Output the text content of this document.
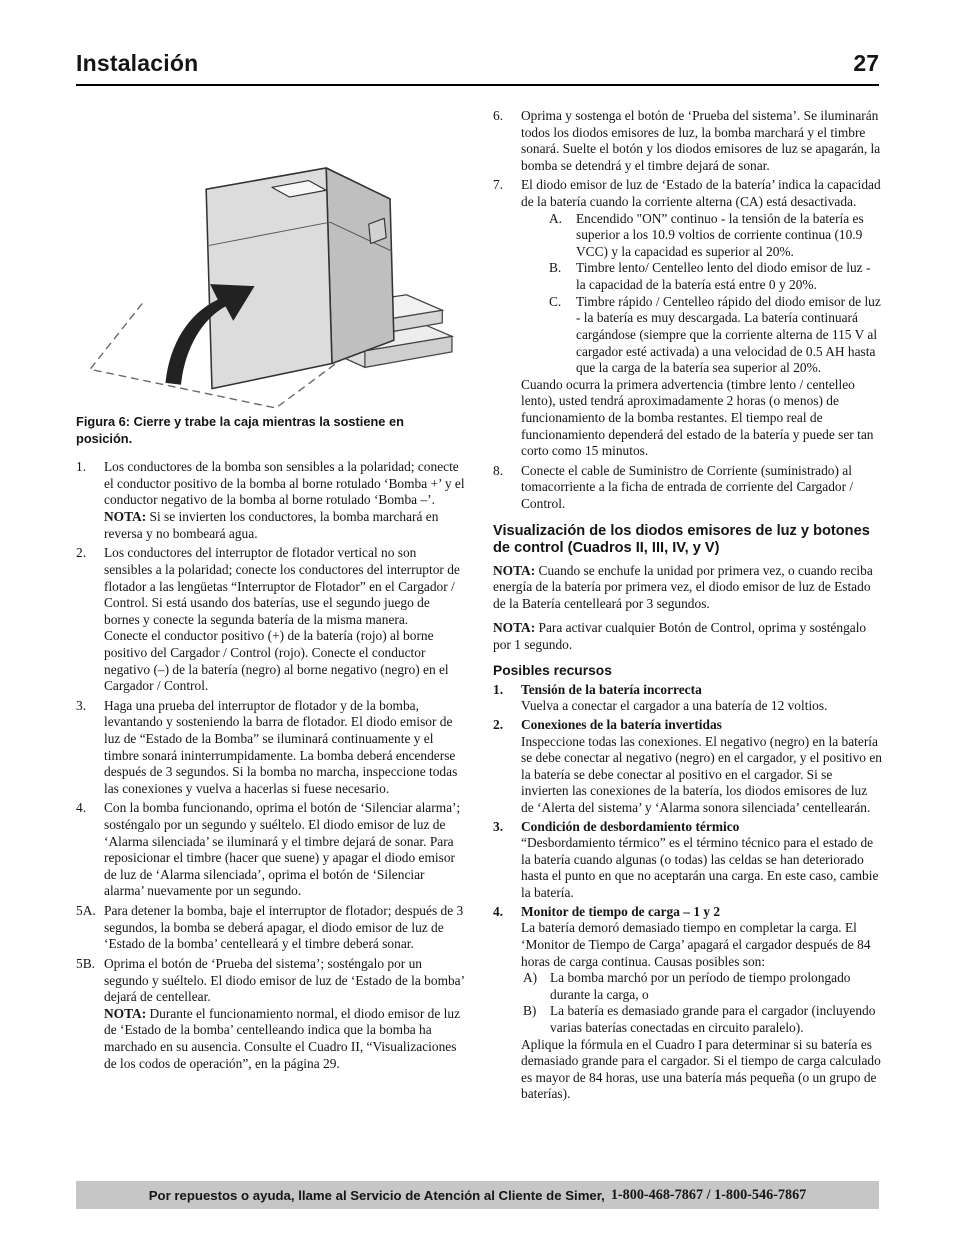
Instalación	27
Figura 6: Cierre y trabe la caja mientras la sostiene en posición.
1.	Los conductores de la bomba son sensibles a la polaridad; conecte el conductor positivo de la bomba al borne rotulado ‘Bomba +’ y el conductor negativo de la bomba al borne rotulado ‘Bomba –’.
NOTA: Si se invierten los conductores, la bomba marchará en reversa y no bombeará agua.
2.	Los conductores del interruptor de flotador vertical no son sensibles a la polaridad; conecte los conductores del interruptor de flotador a las lengüetas “Interruptor de Flotador” en el Cargador / Control. Si está usando dos baterías, use el segundo juego de bornes y conecte la segunda batería de la misma manera.
Conecte el conductor positivo (+) de la batería (rojo) al borne positivo del Cargador / Control (rojo). Conecte el conductor negativo (–) de la batería (negro) al borne negativo (negro) en el Cargador / Control.
3.	Haga una prueba del interruptor de flotador y de la bomba, levantando y sosteniendo la barra de flotador. El diodo emisor de luz de “Estado de la Bomba” se iluminará continuamente y el timbre sonará ininterrumpidamente. La bomba deberá encenderse después de 3 segundos. Si la bomba no marcha, inspeccione todas las conexiones y vuelva a hacerlas si fuese necesario.
4.	Con la bomba funcionando, oprima el botón de ‘Silenciar alarma’; sosténgalo por un segundo y suéltelo. El diodo emisor de luz de ‘Alarma silenciada’ se iluminará y el timbre dejará de sonar. Para reposicionar el timbre (hacer que suene) y apagar el diodo emisor de luz de ‘Alarma silenciada’, oprima el botón de ‘Silenciar alarma’ nuevamente por un segundo.
5A. Para detener la bomba, baje el interruptor de flotador; después de 3 segundos, la bomba se deberá apagar, el diodo emisor de luz de ‘Estado de la bomba’ centelleará y el timbre deberá sonar.
5B. Oprima el botón de ‘Prueba del sistema’; sosténgalo por un segundo y suéltelo. El diodo emisor de luz de ‘Estado de la bomba’ dejará de centellear.
NOTA: Durante el funcionamiento normal, el diodo emisor de luz de ‘Estado de la bomba’ centelleando indica que la bomba ha marchado en su ausencia. Consulte el Cuadro II, “Visualizaciones de los codos de operación”, en la página 29.
6.	Oprima y sostenga el botón de ‘Prueba del sistema’. Se iluminarán todos los diodos emisores de luz, la bomba marchará y el timbre sonará. Suelte el botón y los diodos emisores de luz se apagarán, la bomba se detendrá y el timbre dejará de sonar.
7.	El diodo emisor de luz de ‘Estado de la batería’ indica la capacidad de la batería cuando la corriente alterna (CA) está desactivada.
A.	Encendido "ON” continuo - la tensión de la batería es superior a los 10.9 voltios de corriente continua (10.9 VCC) y la capacidad es superior al 20%.
B.	Timbre lento/ Centelleo lento del diodo emisor de luz - la capacidad de la batería está entre 0 y 20%.
C.	Timbre rápido / Centelleo rápido del diodo emisor de luz - la batería es muy descargada. La batería continuará cargándose (siempre que la corriente alterna de 115 V al cargador esté activada) a una velocidad de 0.5 AH hasta que la carga de la batería sea superior al 20%.
Cuando ocurra la primera advertencia (timbre lento / centelleo lento), usted tendrá aproximadamente 2 horas (o menos) de funcionamiento de la bomba restantes. El tiempo real de funcionamiento dependerá del estado de la batería y puede ser tan corto como 15 minutos.
8.	Conecte el cable de Suministro de Corriente (suministrado) al tomacorriente a la ficha de entrada de corriente del Cargador / Control.
Visualización de los diodos emisores de luz y botones de control (Cuadros II, III, IV, y V)
NOTA: Cuando se enchufe la unidad por primera vez, o cuando reciba energía de la batería por primera vez, el diodo emisor de luz de Estado de la Batería centelleará por 3 segundos.
NOTA: Para activar cualquier Botón de Control, oprima y sosténgalo por 1 segundo.
Posibles recursos
1.	Tensión de la batería incorrecta
Vuelva a conectar el cargador a una batería de 12 voltios.
2.	Conexiones de la batería invertidas
Inspeccione todas las conexiones. El negativo (negro) en la batería se debe conectar al negativo (negro) en el cargador, y el positivo en la batería se debe conectar al positivo en el cargador. Si se invierten las conexiones de la batería, los diodos emisores de luz de ‘Alerta del sistema’ y ‘Alarma sonora silenciada’ centellearán.
3.	Condición de desbordamiento térmico
“Desbordamiento térmico” es el término técnico para el estado de la batería cuando algunas (o todas) las celdas se han deteriorado hasta el punto en que no aceptarán una carga. En este caso, cambie la batería.
4.	Monitor de tiempo de carga – 1 y 2
La batería demoró demasiado tiempo en completar la carga. El ‘Monitor de Tiempo de Carga’ apagará el cargador después de 84 horas de carga continua. Causas posibles son:
A) La bomba marchó por un período de tiempo prolongado durante la carga, o
B)	La batería es demasiado grande para el cargador (incluyendo varias baterías conectadas en circuito paralelo).
Aplique la fórmula en el Cuadro I para determinar si su batería es demasiado grande para el cargador. Si el tiempo de carga calculado es mayor de 84 horas, use una batería más pequeña (o un grupo de baterías).
Por repuestos o ayuda, llame al Servicio de Atención al Cliente de Simer, 1-800-468-7867 / 1-800-546-7867
